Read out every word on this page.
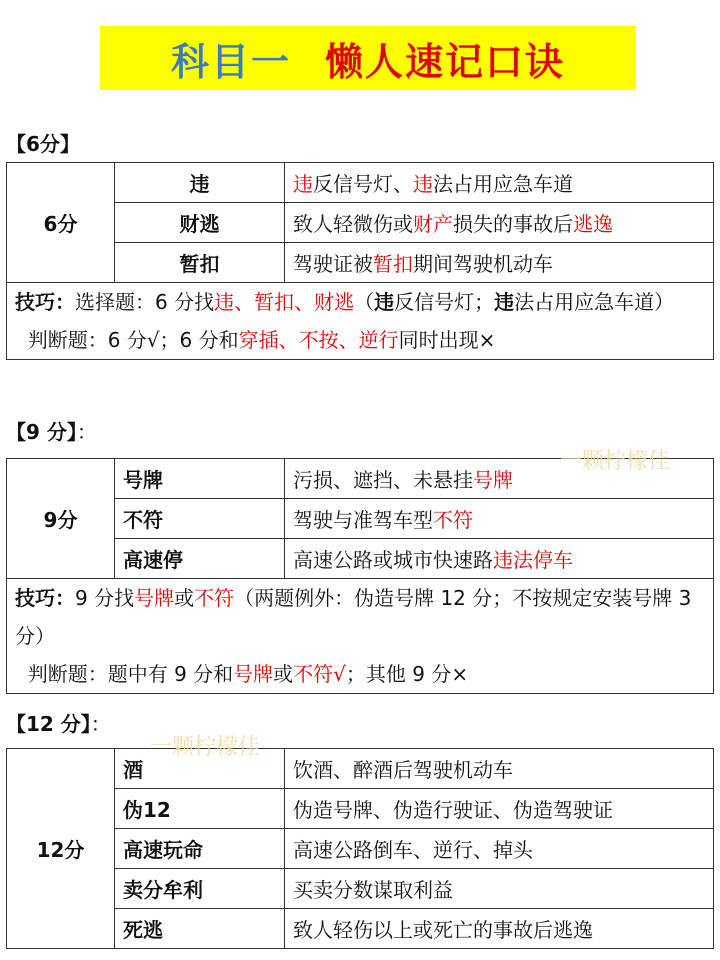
科目一 懒人速记口诀
【6分】
6分	违	违反信号灯、违法占用应急车道
	财逃	致人轻微伤或财产损失的事故后逃逸
	暂扣	驾驶证被暂扣期间驾驶机动车

技巧：选择题：6 分找违、暂扣、财逃（违反信号灯；违法占用应急车道）
判断题：6 分√；6 分和穿插、不按、逆行同时出现×		
【9 分】：
9分	号牌	污损、遮挡、未悬挂号牌
	不符	驾驶与准驾车型不符
	高速停	高速公路或城市快速路违法停车

技巧：9 分找号牌或不符（两题例外：伪造号牌 12 分；不按规定安装号牌 3 分）
判断题：题中有 9 分和号牌或不符√；其他 9 分×		
【12 分】：
12分	酒	饮酒、醉酒后驾驶机动车
	伪12	伪造号牌、伪造行驶证、伪造驾驶证
	高速玩命	高速公路倒车、逆行、掉头
	卖分牟利	买卖分数谋取利益
	死逃	致人轻伤以上或死亡的事故后逃逸
一颗柠檬佳
一颗柠檬佳
